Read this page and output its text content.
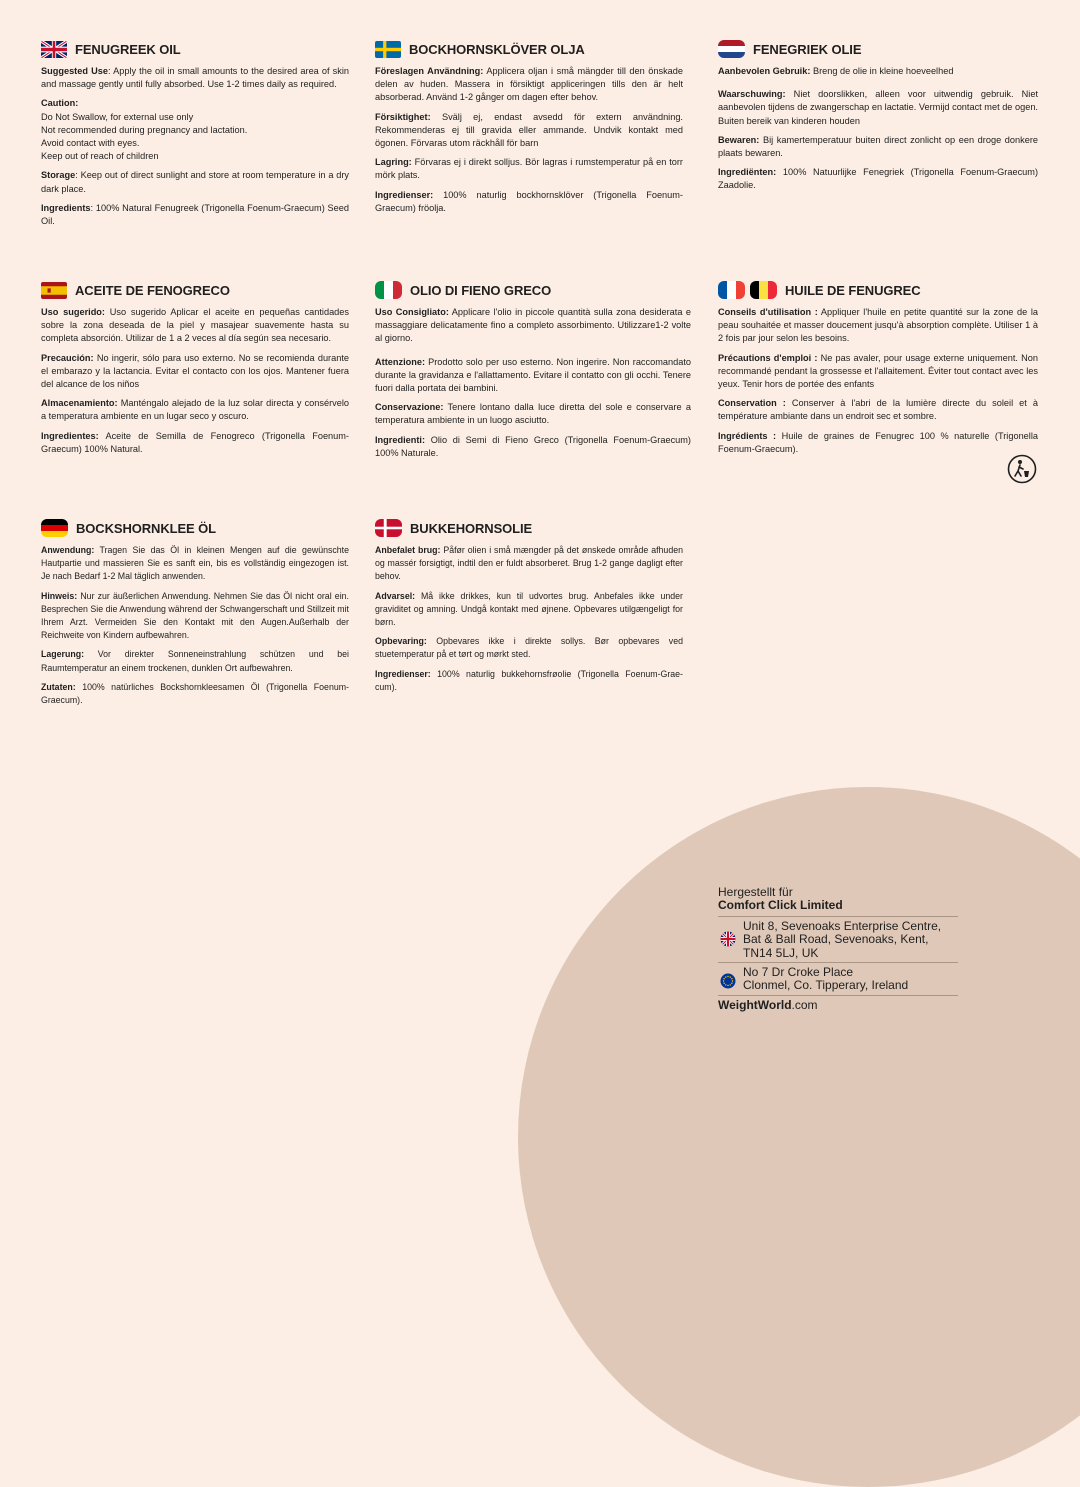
FENUGREEK OIL

Suggested Use: Apply the oil in small amounts to the desired area of skin and massage gently until fully absorbed. Use 1-2 times daily as required.

Caution:
Do Not Swallow, for external use only
Not recommended during pregnancy and lactation.
Avoid contact with eyes.
Keep out of reach of children

Storage: Keep out of direct sunlight and store at room temperature in a dry dark place.

Ingredients: 100% Natural Fenugreek (Trigonella Foenum-Graecum) Seed Oil.

BOCKHORNSKLÖVER OLJA

Föreslagen Användning: Applicera oljan i små mängder till den önskade delen av huden. Massera in försiktigt appliceringen tills den är helt absorberad. Använd 1-2 gånger om dagen efter behov.

Försiktighet: Svälj ej, endast avsedd för extern användning. Rekommenderas ej till gravida eller ammande. Undvik kontakt med ögonen. Förvaras utom räckhåll för barn

Lagring: Förvaras ej i direkt solljus. Bör lagras i rumstemperatur på en torr mörk plats.

Ingredienser: 100% naturlig bockhornsklöver (Trigonella Foenum-Graecum) fröolja.

FENEGRIEK OLIE

Aanbevolen Gebruik: Breng de olie in kleine hoeveelhed

Waarschuwing: Niet doorslikken, alleen voor uitwendig gebruik. Niet aanbevolen tijdens de zwangerschap en lactatie. Vermijd contact met de ogen. Buiten bereik van kinderen houden

Bewaren: Bij kamertemperatuur buiten direct zonlicht op een droge donkere plaats bewaren.

Ingrediënten: 100% Natuurlijke Fenegriek (Trigonella Foenum-Graecum) Zaadolie.

ACEITE DE FENOGRECO

Uso sugerido: Uso sugerido Aplicar el aceite en pequeñas cantidades sobre la zona deseada de la piel y masajear suavemente hasta su completa absorción. Utilizar de 1 a 2 veces al día según sea necesario.

Precaución: No ingerir, sólo para uso externo. No se recomienda durante el embarazo y la lactancia. Evitar el contacto con los ojos. Mantener fuera del alcance de los niños

Almacenamiento: Manténgalo alejado de la luz solar directa y consérvelo a temperatura ambiente en un lugar seco y oscuro.

Ingredientes: Aceite de Semilla de Fenogreco (Trigonella Foenum-Graecum) 100% Natural.

OLIO DI FIENO GRECO

Uso Consigliato: Applicare l'olio in piccole quantità sulla zona desiderata e massaggiare delicatamente fino a completo assorbimento. Utilizzare1-2 volte al giorno.

Attenzione: Prodotto solo per uso esterno. Non ingerire. Non raccomandato durante la gravidanza e l'allattamento. Evitare il contatto con gli occhi. Tenere fuori dalla portata dei bambini.

Conservazione: Tenere lontano dalla luce diretta del sole e conservare a temperatura ambiente in un luogo asciutto.

Ingredienti: Olio di Semi di Fieno Greco (Trigonella Foenum-Graecum) 100% Naturale.

HUILE DE FENUGREC

Conseils d'utilisation : Appliquer l'huile en petite quantité sur la zone de la peau souhaitée et masser doucement jusqu'à absorption complète. Utiliser 1 à 2 fois par jour selon les besoins.

Précautions d'emploi : Ne pas avaler, pour usage externe uniquement. Non recommandé pendant la grossesse et l'allaitement. Éviter tout contact avec les yeux. Tenir hors de portée des enfants

Conservation : Conserver à l'abri de la lumière directe du soleil et à température ambiante dans un endroit sec et sombre.

Ingrédients : Huile de graines de Fenugrec 100 % naturelle (Trigonella Foenum-Graecum).

BOCKSHORNKLEE ÖL

Anwendung: Tragen Sie das Öl in kleinen Mengen auf die gewünschte Hautpartie und massieren Sie es sanft ein, bis es vollständig eingezogen ist. Je nach Bedarf 1-2 Mal täglich anwenden.

Hinweis: Nur zur äußerlichen Anwendung. Nehmen Sie das Öl nicht oral ein. Besprechen Sie die Anwendung während der Schwangerschaft und Stillzeit mit Ihrem Arzt. Vermeiden Sie den Kontakt mit den Augen.Außerhalb der Reichweite von Kindern aufbewahren.

Lagerung: Vor direkter Sonneneinstrahlung schützen und bei Raumtemperatur an einem trockenen, dunklen Ort aufbewahren.

Zutaten: 100% natürliches Bockshornkleesamen Öl (Trigonella Foenum-Graecum).

BUKKEHORNSOLIE

Anbefalet brug: Påfør olien i små mængder på det ønskede område afhuden og massér forsigtigt, indtil den er fuldt absorberet. Brug 1-2 gange dagligt efter behov.

Advarsel: Må ikke drikkes, kun til udvortes brug. Anbefales ikke under graviditet og amning. Undgå kontakt med øjnene. Opbevares utilgængeligt for børn.

Opbevaring: Opbevares ikke i direkte sollys. Bør opbevares ved stuetemperatur på et tørt og mørkt sted.

Ingredienser: 100% naturlig bukkehornsfrøolie (Trigonella Foenum-Grae-cum).

Hergestellt für
Comfort Click Limited
Unit 8, Sevenoaks Enterprise Centre,
Bat & Ball Road, Sevenoaks, Kent,
TN14 5LJ, UK
No 7 Dr Croke Place
Clonmel, Co. Tipperary, Ireland
WeightWorld.com
